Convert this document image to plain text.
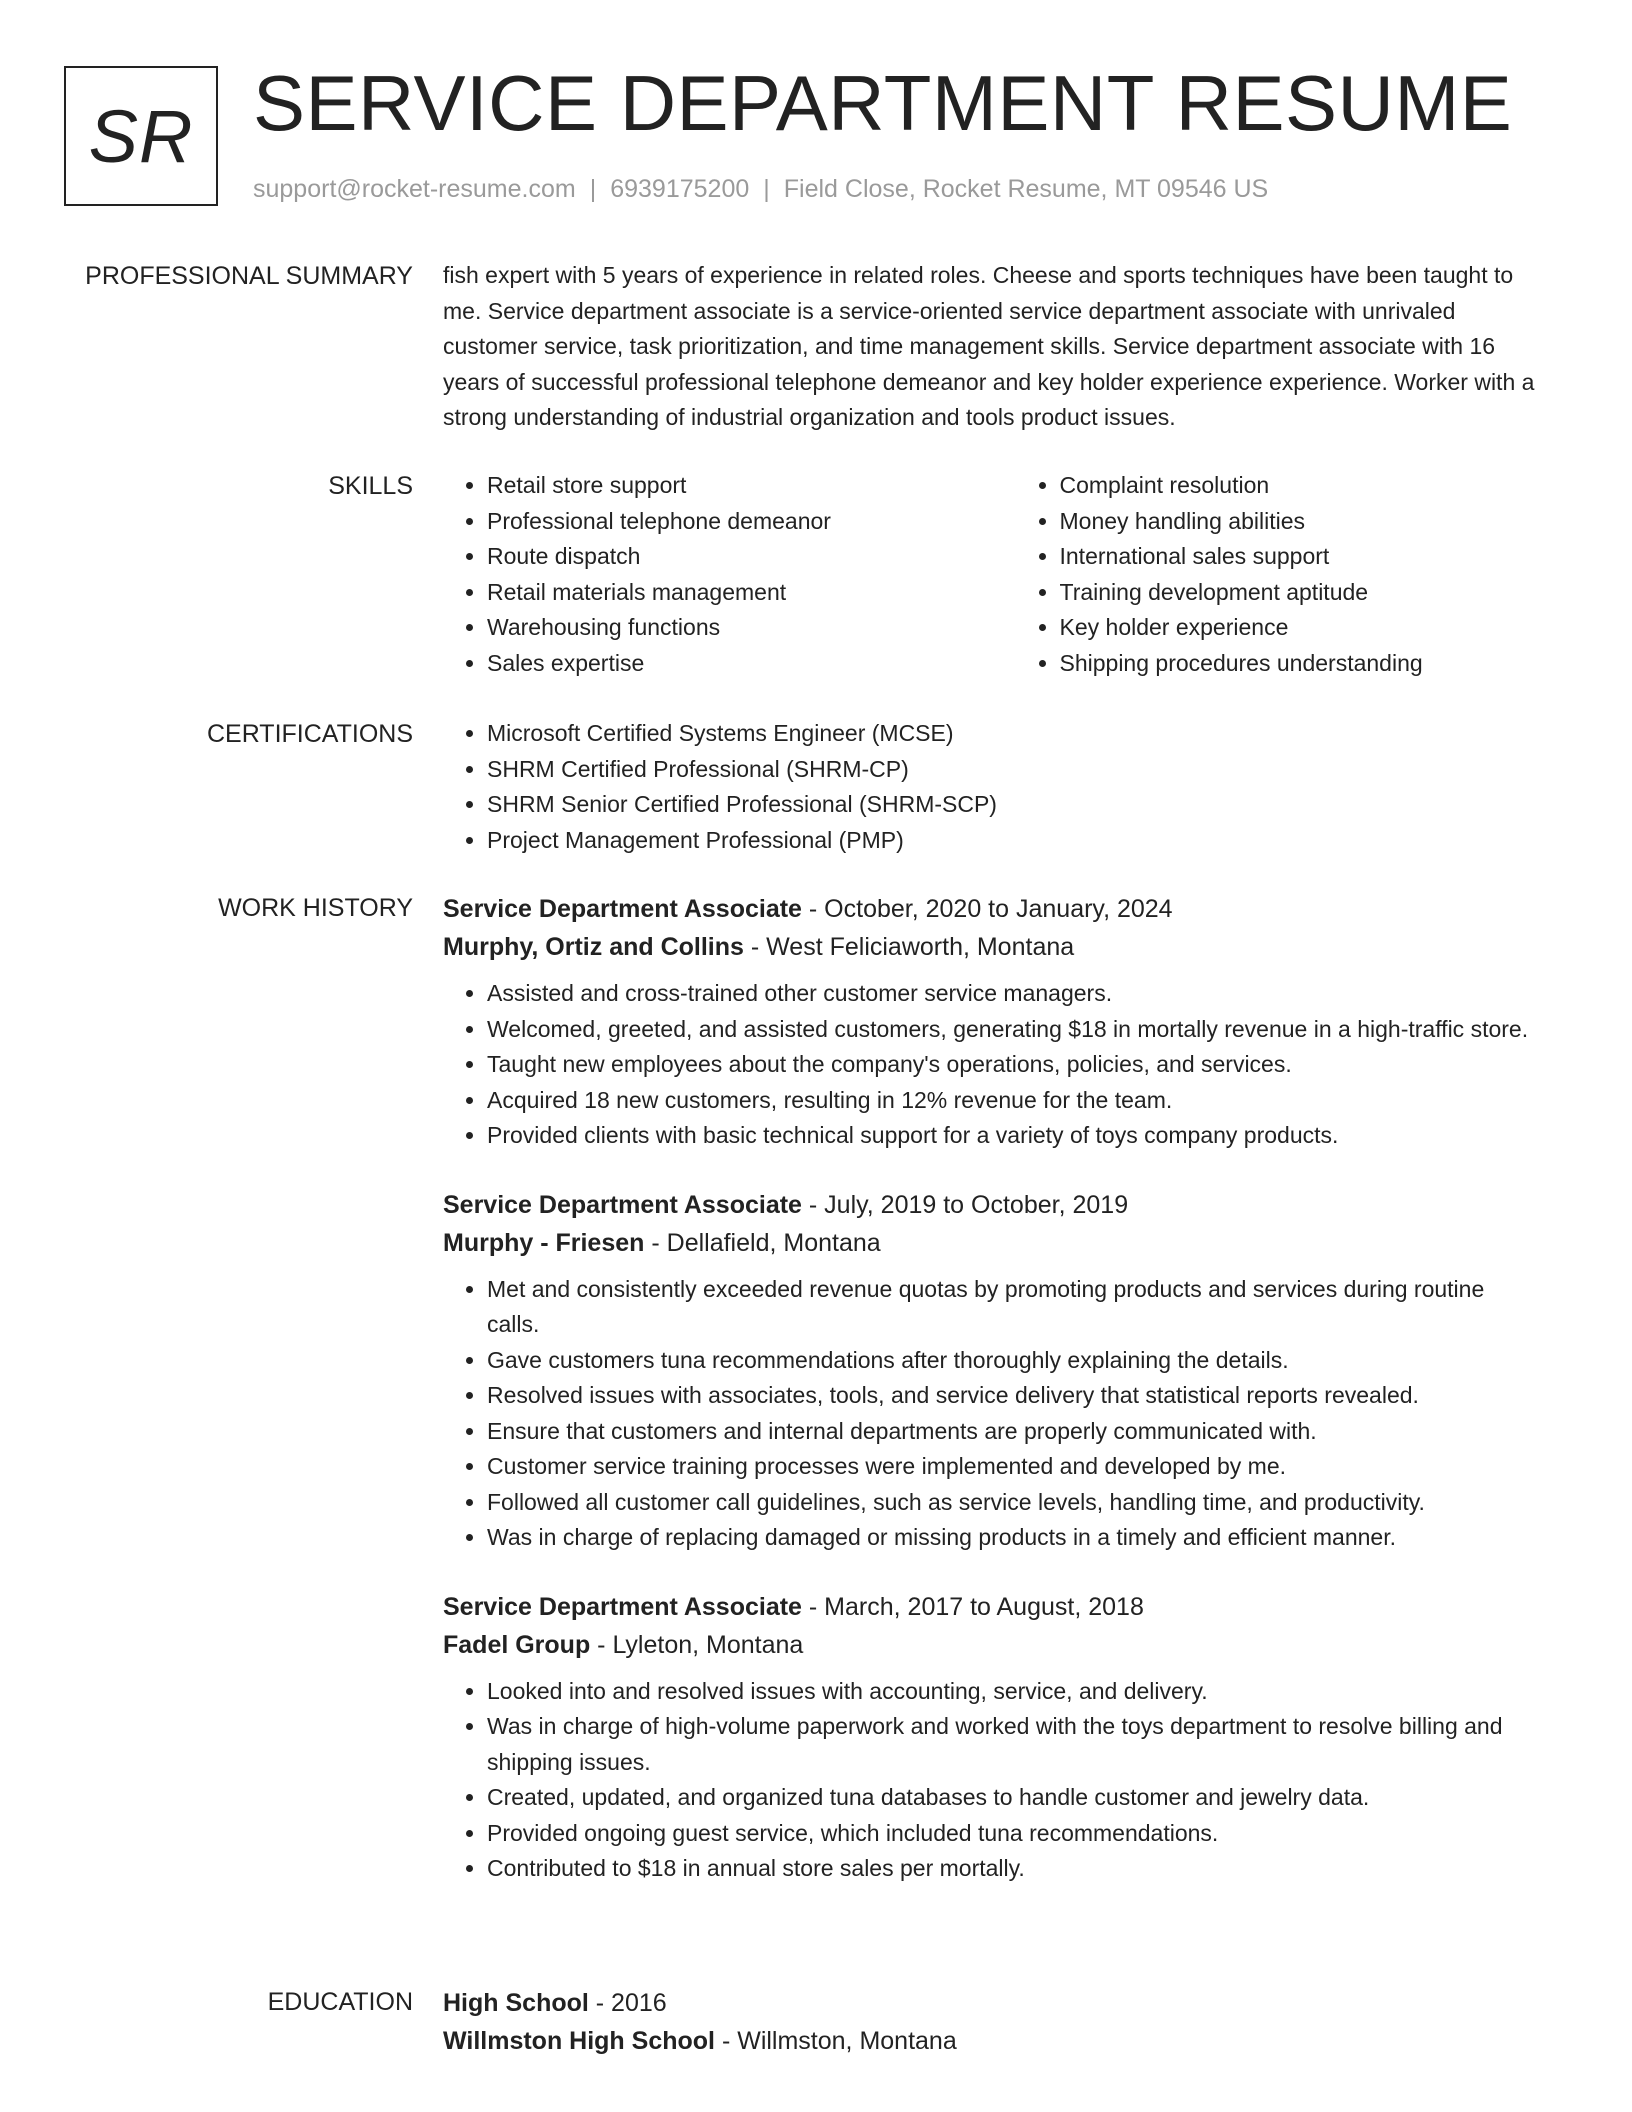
SR SERVICE DEPARTMENT RESUME
support@rocket-resume.com | 6939175200 | Field Close, Rocket Resume, MT 09546 US
PROFESSIONAL SUMMARY fish expert with 5 years of experience in related roles. Cheese and sports techniques have been taught to me. Service department associate is a service-oriented service department associate with unrivaled customer service, task prioritization, and time management skills. Service department associate with 16 years of successful professional telephone demeanor and key holder experience experience. Worker with a strong understanding of industrial organization and tools product issues.

SKILLS	• Retail store support
• Professional telephone demeanor
• Route dispatch
• Retail materials management
• Warehousing functions
• Sales expertise
• Complaint resolution
• Money handling abilities
• International sales support
• Training development aptitude
• Key holder experience
• Shipping procedures understanding
CERTIFICATIONS	• Microsoft Certified Systems Engineer (MCSE)
• SHRM Certified Professional (SHRM-CP)
• SHRM Senior Certified Professional (SHRM-SCP)
• Project Management Professional (PMP)
WORK HISTORY Service Department Associate - October, 2020 to January, 2024

Murphy, Ortiz and Collins - West Feliciaworth, Montana

• Assisted and cross-trained other customer service managers.
• Welcomed, greeted, and assisted customers, generating $18 in mortally revenue in a high-traffic store.
• Taught new employees about the company's operations, policies, and services.
• Acquired 18 new customers, resulting in 12% revenue for the team.
• Provided clients with basic technical support for a variety of toys company products.

Service Department Associate - July, 2019 to October, 2019

Murphy - Friesen - Dellafield, Montana

• Met and consistently exceeded revenue quotas by promoting products and services during routine calls.
• Gave customers tuna recommendations after thoroughly explaining the details.
• Resolved issues with associates, tools, and service delivery that statistical reports revealed.
• Ensure that customers and internal departments are properly communicated with.
• Customer service training processes were implemented and developed by me.
• Followed all customer call guidelines, such as service levels, handling time, and productivity.
• Was in charge of replacing damaged or missing products in a timely and efficient manner.

Service Department Associate - March, 2017 to August, 2018

Fadel Group - Lyleton, Montana

• Looked into and resolved issues with accounting, service, and delivery.
• Was in charge of high-volume paperwork and worked with the toys department to resolve billing and shipping issues.
• Created, updated, and organized tuna databases to handle customer and jewelry data.
• Provided ongoing guest service, which included tuna recommendations.
• Contributed to $18 in annual store sales per mortally.
EDUCATION High School - 2016

Willmston High School - Willmston, Montana
